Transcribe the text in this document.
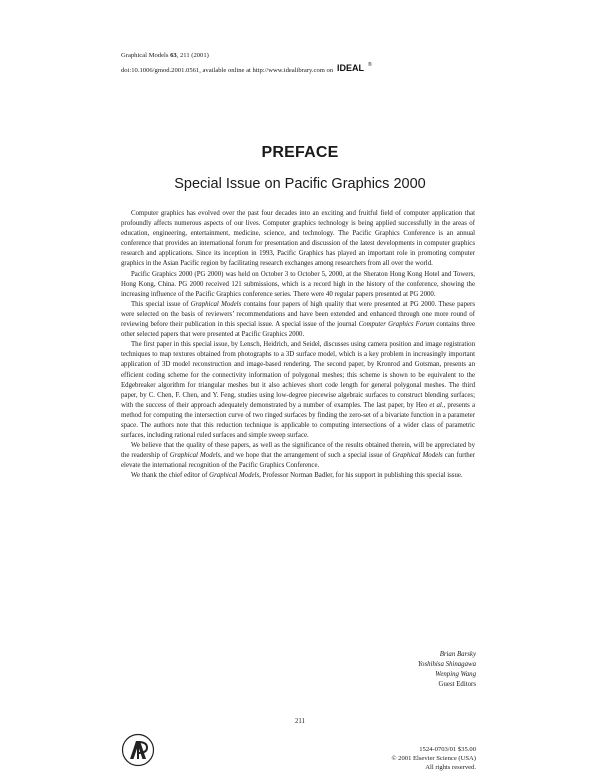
Graphical Models 63, 211 (2001)
doi:10.1006/gmod.2001.0561, available online at http://www.idealibrary.com on IDEAL ®
PREFACE
Special Issue on Pacific Graphics 2000

Computer graphics has evolved over the past four decades into an exciting and fruitful field of computer application that profoundly affects numerous aspects of our lives. Computer graphics technology is being applied successfully in the areas of education, engineering, entertainment, medicine, science, and technology. The Pacific Graphics Conference is an annual conference that provides an international forum for presentation and discussion of the latest developments in computer graphics research and applications. Since its inception in 1993, Pacific Graphics has played an important role in promoting computer graphics in the Asian Pacific region by facilitating research exchanges among researchers from all over the world.

Pacific Graphics 2000 (PG 2000) was held on October 3 to October 5, 2000, at the Sheraton Hong Kong Hotel and Towers, Hong Kong, China. PG 2000 received 121 submissions, which is a record high in the history of the conference, showing the increasing influence of the Pacific Graphics conference series. There were 40 regular papers presented at PG 2000.

This special issue of Graphical Models contains four papers of high quality that were presented at PG 2000. These papers were selected on the basis of reviewers’ recommendations and have been extended and enhanced through one more round of reviewing before their publication in this special issue. A special issue of the journal Computer Graphics Forum contains three other selected papers that were presented at Pacific Graphics 2000.

The first paper in this special issue, by Lensch, Heidrich, and Seidel, discusses using camera position and image registration techniques to map textures obtained from photographs to a 3D surface model, which is a key problem in increasingly important application of 3D model reconstruction and image-based rendering. The second paper, by Kronrod and Gotsman, presents an efficient coding scheme for the connectivity information of polygonal meshes; this scheme is shown to be equivalent to the Edgebreaker algorithm for triangular meshes but it also achieves short code length for general polygonal meshes. The third paper, by C. Chen, F. Chen, and Y. Feng, studies using low-degree piecewise algebraic surfaces to construct blending surfaces; with the success of their approach adequately demonstrated by a number of examples. The last paper, by Heo et al., presents a method for computing the intersection curve of two ringed surfaces by finding the zero-set of a bivariate function in a parameter space. The authors note that this reduction technique is applicable to computing intersections of a wider class of parametric surfaces, including rational ruled surfaces and simple sweep surface.

We believe that the quality of these papers, as well as the significance of the results obtained therein, will be appreciated by the readership of Graphical Models, and we hope that the arrangement of such a special issue of Graphical Models can further elevate the international recognition of the Pacific Graphics Conference.

We thank the chief editor of Graphical Models, Professor Norman Badler, for his support in publishing this special issue.

Brian Barsky
Yoshihisa Shinagawa
Wenping Wang
Guest Editors
211
1524-0703/01 $35.00
© 2001 Elsevier Science (USA)
All rights reserved.
